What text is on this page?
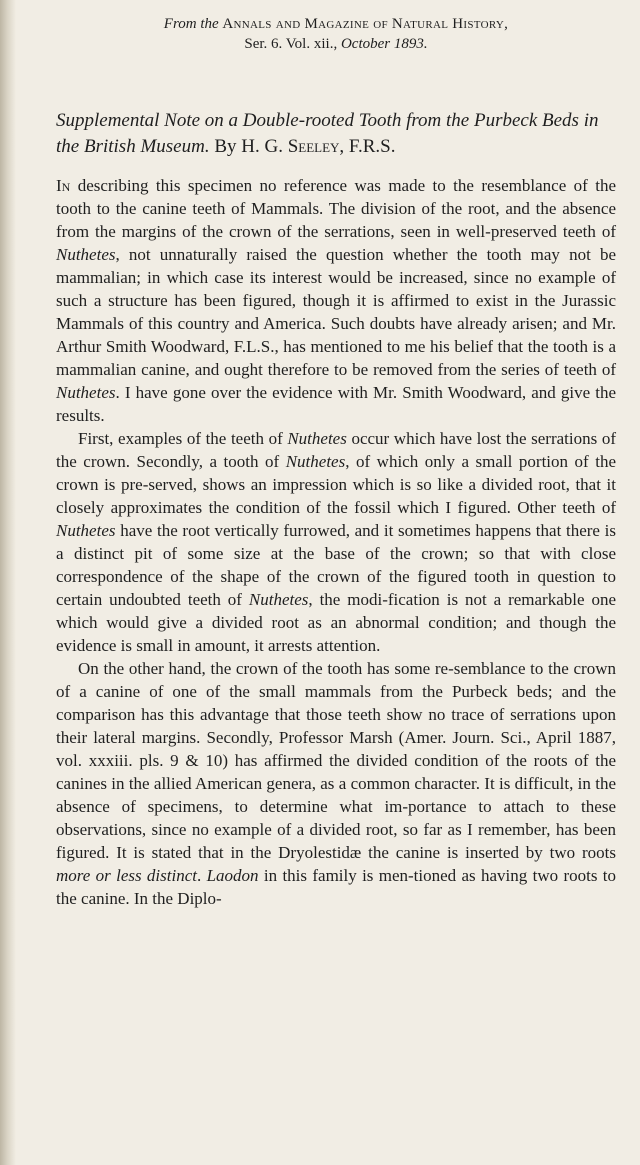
From the Annals and Magazine of Natural History,
Ser. 6. Vol. xii., October 1893.
Supplemental Note on a Double-rooted Tooth from the Purbeck Beds in the British Museum. By H. G. Seeley, F.R.S.

In describing this specimen no reference was made to the resemblance of the tooth to the canine teeth of Mammals. The division of the root, and the absence from the margins of the crown of the serrations, seen in well-preserved teeth of Nuthetes, not unnaturally raised the question whether the tooth may not be mammalian; in which case its interest would be increased, since no example of such a structure has been figured, though it is affirmed to exist in the Jurassic Mammals of this country and America. Such doubts have already arisen; and Mr. Arthur Smith Woodward, F.L.S., has mentioned to me his belief that the tooth is a mammalian canine, and ought therefore to be removed from the series of teeth of Nuthetes. I have gone over the evidence with Mr. Smith Woodward, and give the results.

First, examples of the teeth of Nuthetes occur which have lost the serrations of the crown. Secondly, a tooth of Nuthetes, of which only a small portion of the crown is pre-served, shows an impression which is so like a divided root, that it closely approximates the condition of the fossil which I figured. Other teeth of Nuthetes have the root vertically furrowed, and it sometimes happens that there is a distinct pit of some size at the base of the crown; so that with close correspondence of the shape of the crown of the figured tooth in question to certain undoubted teeth of Nuthetes, the modi-fication is not a remarkable one which would give a divided root as an abnormal condition; and though the evidence is small in amount, it arrests attention.

On the other hand, the crown of the tooth has some re-semblance to the crown of a canine of one of the small mammals from the Purbeck beds; and the comparison has this advantage that those teeth show no trace of serrations upon their lateral margins. Secondly, Professor Marsh (Amer. Journ. Sci., April 1887, vol. xxxiii. pls. 9 & 10) has affirmed the divided condition of the roots of the canines in the allied American genera, as a common character. It is difficult, in the absence of specimens, to determine what im-portance to attach to these observations, since no example of a divided root, so far as I remember, has been figured. It is stated that in the Dryolestidæ the canine is inserted by two roots more or less distinct. Laodon in this family is men-tioned as having two roots to the canine. In the Diplo-
